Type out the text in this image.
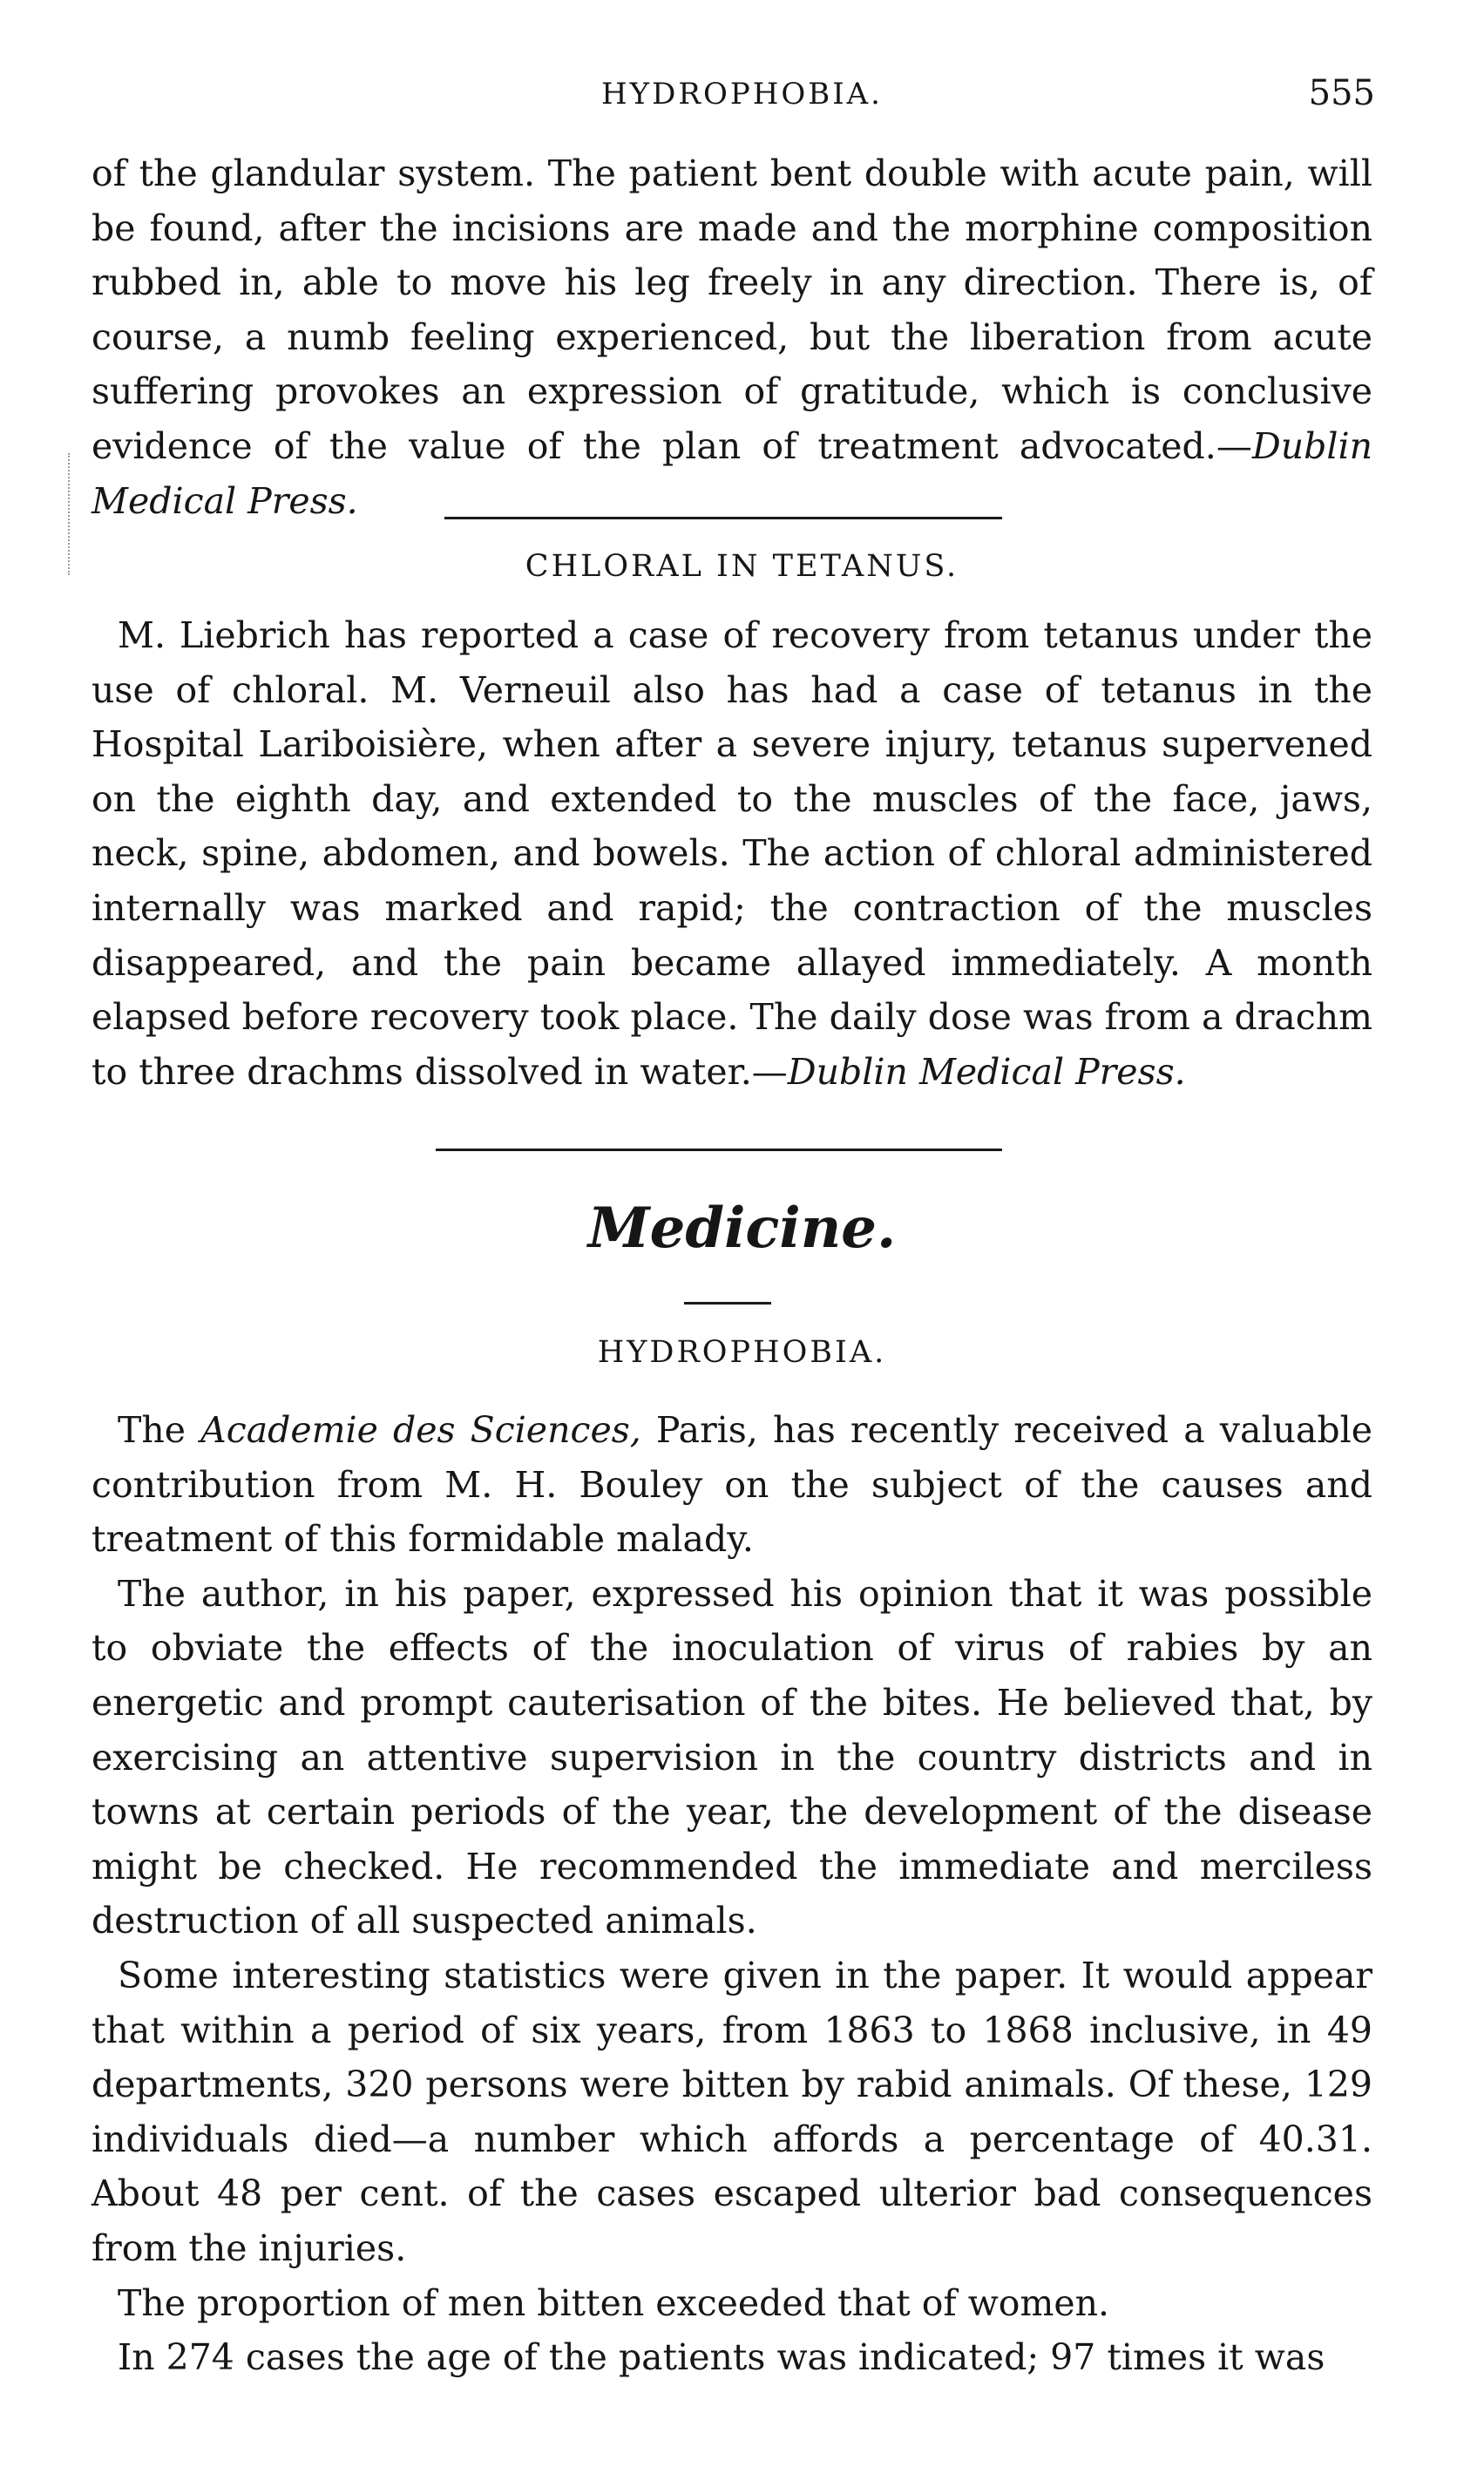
HYDROPHOBIA.	555

of the glandular system. The patient bent double with acute pain, will be found, after the incisions are made and the morphine composition rubbed in, able to move his leg freely in any direction. There is, of course, a numb feeling experienced, but the liberation from acute suffering provokes an expression of gratitude, which is conclusive evidence of the value of the plan of treatment advocated.—Dublin Medical Press.

CHLORAL IN TETANUS.

M. Liebrich has reported a case of recovery from tetanus under the use of chloral. M. Verneuil also has had a case of tetanus in the Hospital Lariboisière, when after a severe injury, tetanus supervened on the eighth day, and extended to the muscles of the face, jaws, neck, spine, abdomen, and bowels. The action of chloral administered internally was marked and rapid; the contraction of the muscles disappeared, and the pain became allayed immediately. A month elapsed before recovery took place. The daily dose was from a drachm to three drachms dissolved in water.—Dublin Medical Press.

Medicine.
HYDROPHOBIA.

The Academie des Sciences, Paris, has recently received a valuable contribution from M. H. Bouley on the subject of the causes and treatment of this formidable malady.

The author, in his paper, expressed his opinion that it was possible to obviate the effects of the inoculation of virus of rabies by an energetic and prompt cauterisation of the bites. He believed that, by exercising an attentive supervision in the country districts and in towns at certain periods of the year, the development of the disease might be checked. He recommended the immediate and merciless destruction of all suspected animals.

Some interesting statistics were given in the paper. It would appear that within a period of six years, from 1863 to 1868 inclusive, in 49 departments, 320 persons were bitten by rabid animals. Of these, 129 individuals died—a number which affords a percentage of 40.31. About 48 per cent. of the cases escaped ulterior bad consequences from the injuries.

The proportion of men bitten exceeded that of women.

In 274 cases the age of the patients was indicated; 97 times it was
